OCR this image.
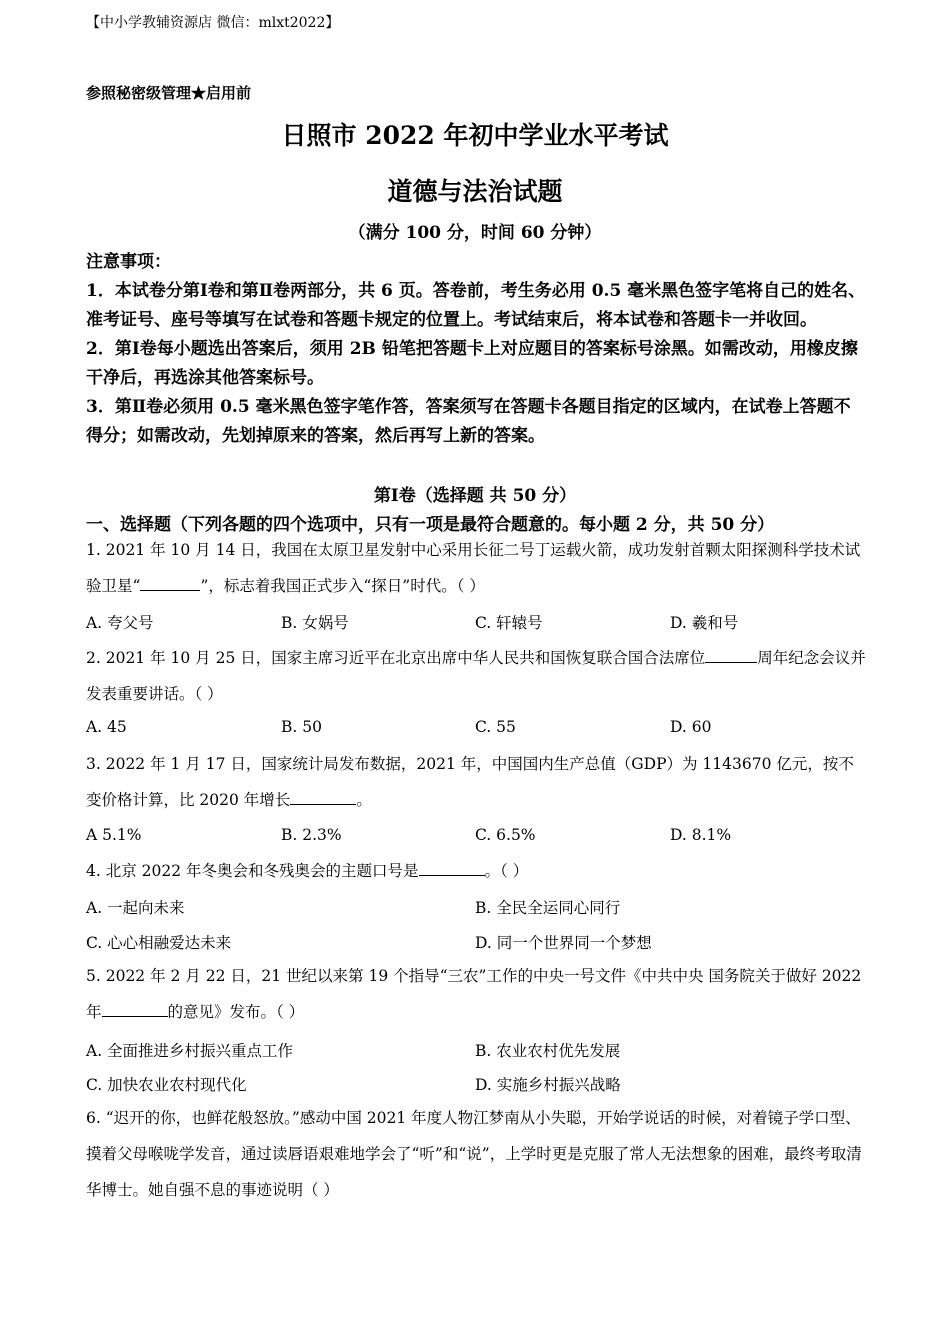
【中小学教辅资源店 微信：mlxt2022】
参照秘密级管理★启用前
日照市 2022 年初中学业水平考试
道德与法治试题
（满分 100 分，时间 60 分钟）

注意事项：

1．本试卷分第Ⅰ卷和第Ⅱ卷两部分，共 6 页。答卷前，考生务必用 0.5 毫米黑色签字笔将自己的姓名、准考证号、座号等填写在试卷和答题卡规定的位置上。考试结束后，将本试卷和答题卡一并收回。

2．第Ⅰ卷每小题选出答案后，须用 2B 铅笔把答题卡上对应题目的答案标号涂黑。如需改动，用橡皮擦干净后，再选涂其他答案标号。

3．第Ⅱ卷必须用 0.5 毫米黑色签字笔作答，答案须写在答题卡各题目指定的区域内，在试卷上答题不得分；如需改动，先划掉原来的答案，然后再写上新的答案。

第Ⅰ卷（选择题 共 50 分）
一、选择题（下列各题的四个选项中，只有一项是最符合题意的。每小题 2 分，共 50 分）
1. 2021 年 10 月 14 日，我国在太原卫星发射中心采用长征二号丁运载火箭，成功发射首颗太阳探测科学技术试验卫星“	”，标志着我国正式步入“探日”时代。（ ）
A. 夸父号	B. 女娲号	C. 轩辕号	D. 羲和号
2. 2021 年 10 月 25 日，国家主席习近平在北京出席中华人民共和国恢复联合国合法席位	周年纪念会议并发表重要讲话。（ ）
A. 45	B. 50	C. 55	D. 60
3. 2022 年 1 月 17 日，国家统计局发布数据，2021 年，中国国内生产总值（GDP）为 1143670 亿元，按不变价格计算，比 2020 年增长	。
A 5.1%	B. 2.3%	C. 6.5%	D. 8.1%
4. 北京 2022 年冬奥会和冬残奥会的主题口号是	。（ ）
A. 一起向未来	B. 全民全运同心同行
C. 心心相融爱达未来	D. 同一个世界同一个梦想
5. 2022 年 2 月 22 日，21 世纪以来第 19 个指导“三农”工作的中央一号文件《中共中央 国务院关于做好 2022 年	的意见》发布。（ ）
A. 全面推进乡村振兴重点工作	B. 农业农村优先发展
C. 加快农业农村现代化	D. 实施乡村振兴战略
6. “迟开的你，也鲜花般怒放。”感动中国 2021 年度人物江梦南从小失聪，开始学说话的时候，对着镜子学口型、摸着父母喉咙学发音，通过读唇语艰难地学会了“听”和“说”，上学时更是克服了常人无法想象的困难，最终考取清华博士。她自强不息的事迹说明（ ）
